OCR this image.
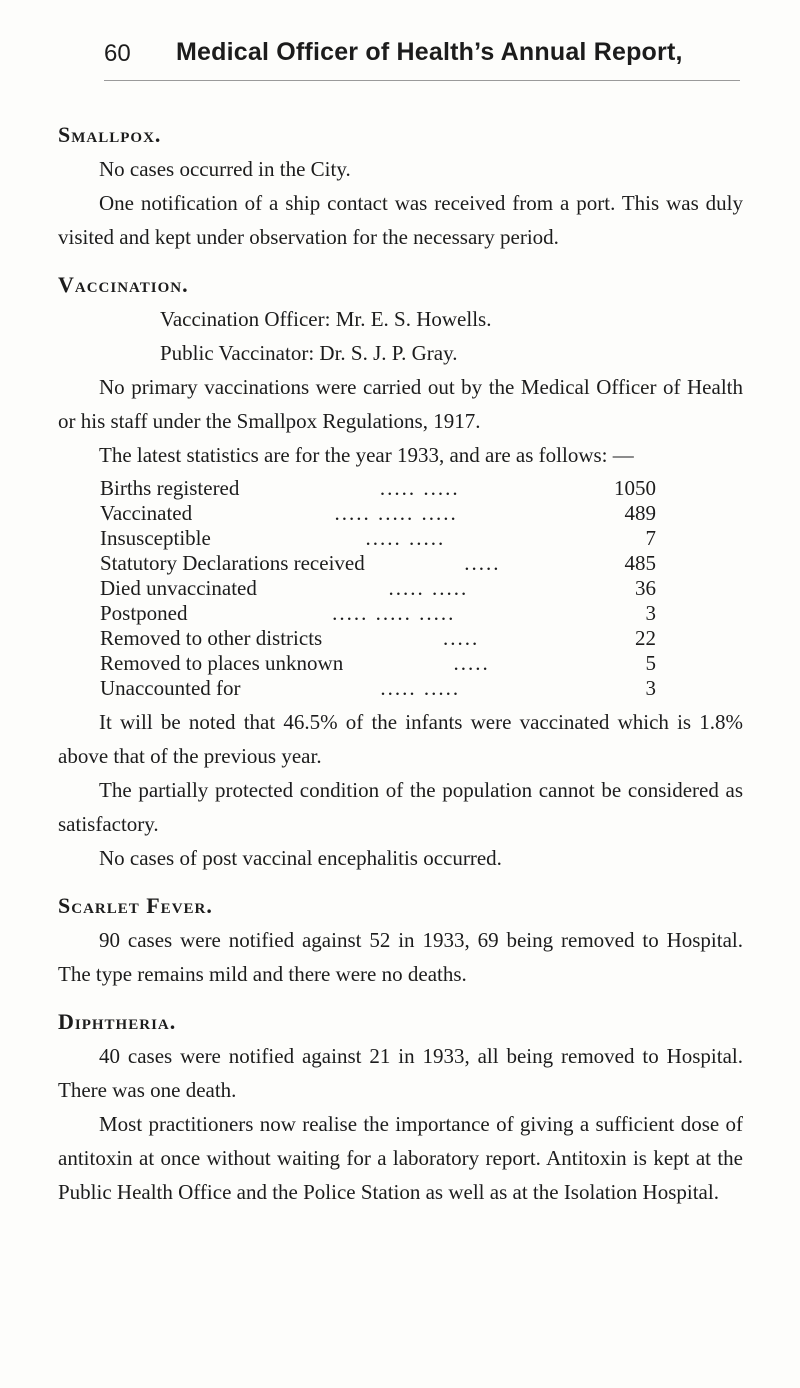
60 Medical Officer of Health’s Annual Report,
Smallpox.

No cases occurred in the City.

One notification of a ship contact was received from a port. This was duly visited and kept under observation for the necessary period.

Vaccination.

Vaccination Officer: Mr. E. S. Howells.

Public Vaccinator: Dr. S. J. P. Gray.

No primary vaccinations were carried out by the Medical Officer of Health or his staff under the Smallpox Regulations, 1917.

The latest statistics are for the year 1933, and are as follows: —

Births registered	..... .....	1050
Vaccinated	..... ..... .....	489
Insusceptible	..... .....	7
Statutory Declarations received	.....	485
Died unvaccinated	..... .....	36
Postponed	..... ..... .....	3
Removed to other districts	.....	22
Removed to places unknown	.....	5
Unaccounted for	..... .....	3

It will be noted that 46.5% of the infants were vaccinated which is 1.8% above that of the previous year.

The partially protected condition of the population cannot be considered as satisfactory.

No cases of post vaccinal encephalitis occurred.

Scarlet Fever.

90 cases were notified against 52 in 1933, 69 being removed to Hospital. The type remains mild and there were no deaths.

Diphtheria.

40 cases were notified against 21 in 1933, all being removed to Hospital. There was one death.

Most practitioners now realise the importance of giving a sufficient dose of antitoxin at once without waiting for a laboratory report. Antitoxin is kept at the Public Health Office and the Police Station as well as at the Isolation Hospital.
